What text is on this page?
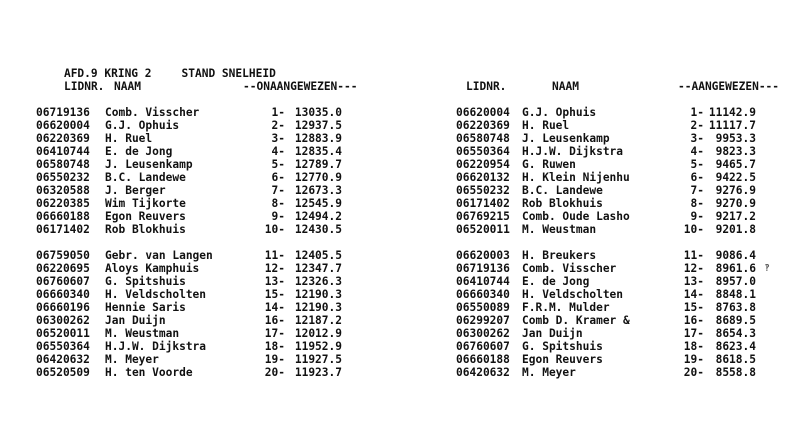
AFD.9 KRING 2	STAND SNELHEID

LIDNR. NAAM	--ONAANGEWEZEN---
06719136 Comb. Visscher	1- 13035.0
06620004 G.J. Ophuis	2- 12937.5
06220369 H. Ruel	3- 12883.9
06410744 E. de Jong	4- 12835.4
06580748 J. Leusenkamp	5- 12789.7
06550232 B.C. Landewe	6- 12770.9
06320588 J. Berger	7- 12673.3
06220385 Wim Tijkorte	8- 12545.9
06660188 Egon Reuvers	9- 12494.2
06171402 Rob Blokhuis	10- 12430.5
06759050 Gebr. van Langen	11- 12405.5
06220695 Aloys Kamphuis	12- 12347.7
06760607 G. Spitshuis	13- 12326.3
06660340 H. Veldscholten	15- 12190.3
06660196 Hennie Saris	14- 12190.3
06300262 Jan Duijn	16- 12187.2
06520011 M. Weustman	17- 12012.9
06550364 H.J.W. Dijkstra	18- 11952.9
06420632 M. Meyer	19- 11927.5
06520509 H. ten Voorde	20- 11923.7
LIDNR.	NAAM	--AANGEWEZEN---
06620004 G.J. Ophuis	1- 11142.9
06220369 H. Ruel	2- 11117.7
06580748 J. Leusenkamp	3-	9953.3
06550364 H.J.W. Dijkstra	4-	9823.3
06220954 G. Ruwen	5-	9465.7
06620132 H. Klein Nijenhu	6-	9422.5
06550232 B.C. Landewe	7-	9276.9
06171402 Rob Blokhuis	8-	9270.9
06769215 Comb. Oude Lasho	9-	9217.2
06520011 M. Weustman	10-	9201.8
06620003 H. Breukers	11-	9086.4
06719136 Comb. Visscher	12-	8961.6
06410744 E. de Jong	13-	8957.0
06660340 H. Veldscholten	14-	8848.1
06550089 F.R.M. Mulder	15-	8763.8
06299207 Comb D. Kramer &	16-	8689.5
06300262 Jan Duijn	17-	8654.3
06760607 G. Spitshuis	18-	8623.4
06660188 Egon Reuvers	19-	8618.5
06420632 M. Meyer	20-	8558.8
‽
